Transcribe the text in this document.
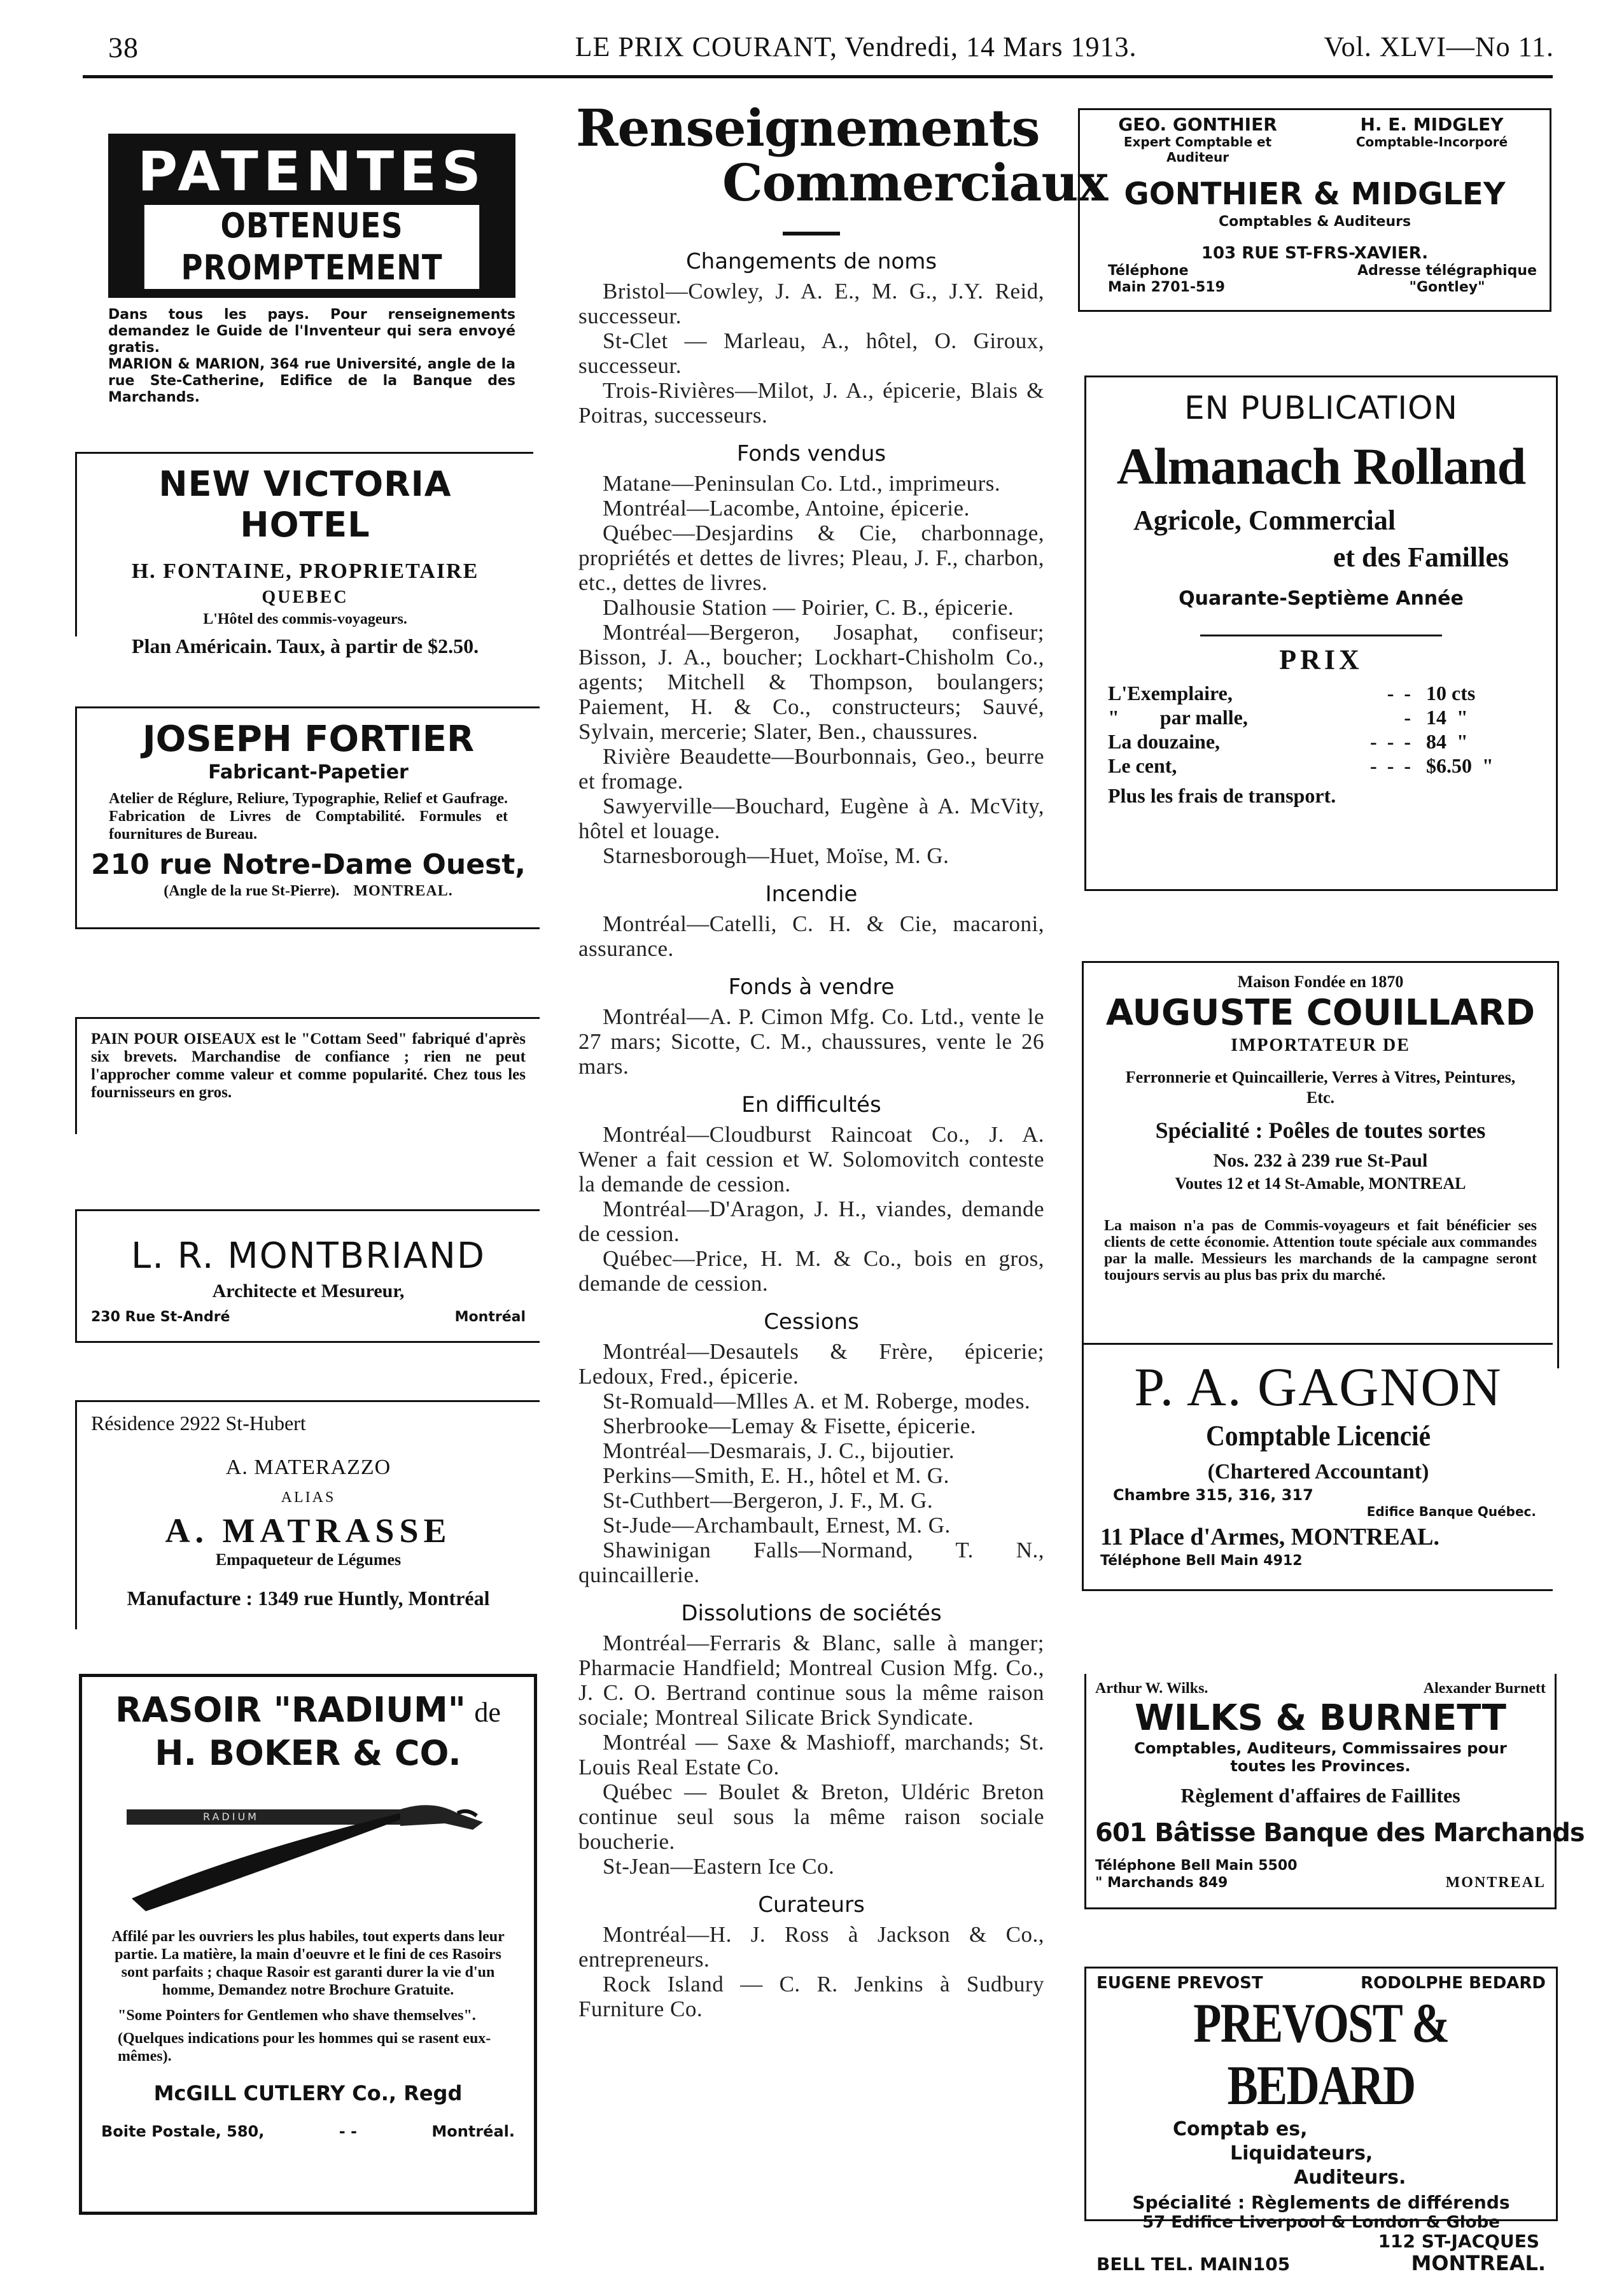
38	LE PRIX COURANT, Vendredi, 14 Mars 1913.	Vol. XLVI—No 11.
PATENTES
OBTENUES PROMPTEMENT
Dans tous les pays. Pour renseignements demandez le Guide de l'Inventeur qui sera envoyé gratis.
MARION & MARION, 364 rue Université, angle de la rue Ste-Catherine, Edifice de la Banque des Marchands.
NEW VICTORIA HOTEL
H. FONTAINE, PROPRIETAIRE
QUEBEC
L'Hôtel des commis-voyageurs.
Plan Américain. Taux, à partir de $2.50.
JOSEPH FORTIER
Fabricant-Papetier
Atelier de Réglure, Reliure, Typographie, Relief et Gaufrage. Fabrication de Livres de Comptabilité. Formules et fournitures de Bureau.
210 rue Notre-Dame Ouest,
(Angle de la rue St-Pierre). MONTREAL.
PAIN POUR OISEAUX est le "Cottam Seed" fabriqué d'après six brevets. Marchandise de confiance ; rien ne peut l'approcher comme valeur et comme popularité. Chez tous les fournisseurs en gros.
L. R. MONTBRIAND
Architecte et Mesureur,
230 Rue St-André	Montréal
Résidence 2922 St-Hubert
A. MATERAZZO
ALIAS
A. MATRASSE
Empaqueteur de Légumes
Manufacture : 1349 rue Huntly, Montréal
RASOIR "RADIUM" de
H. BOKER & CO.
RADIUM
Affilé par les ouvriers les plus habiles, tout experts dans leur partie. La matière, la main d'oeuvre et le fini de ces Rasoirs sont parfaits ; chaque Rasoir est garanti durer la vie d'un homme, Demandez notre Brochure Gratuite.
"Some Pointers for Gentlemen who shave themselves".
(Quelques indications pour les hommes qui se rasent eux-mêmes).
McGILL CUTLERY Co., Regd
Boite Postale, 580,	- -	Montréal.
Renseignements
Commerciaux
Changements de noms
Bristol—Cowley, J. A. E., M. G., J.Y. Reid, successeur.
St-Clet — Marleau, A., hôtel, O. Giroux, successeur.
Trois-Rivières—Milot, J. A., épicerie, Blais & Poitras, successeurs.
Fonds vendus
Matane—Peninsulan Co. Ltd., imprimeurs.
Montréal—Lacombe, Antoine, épicerie.
Québec—Desjardins & Cie, charbonnage, propriétés et dettes de livres; Pleau, J. F., charbon, etc., dettes de livres.
Dalhousie Station — Poirier, C. B., épicerie.
Montréal—Bergeron, Josaphat, confiseur; Bisson, J. A., boucher; Lockhart-Chisholm Co., agents; Mitchell & Thompson, boulangers; Paiement, H. & Co., constructeurs; Sauvé, Sylvain, mercerie; Slater, Ben., chaussures.
Rivière Beaudette—Bourbonnais, Geo., beurre et fromage.
Sawyerville—Bouchard, Eugène à A. McVity, hôtel et louage.
Starnesborough—Huet, Moïse, M. G.
Incendie
Montréal—Catelli, C. H. & Cie, macaroni, assurance.
Fonds à vendre
Montréal—A. P. Cimon Mfg. Co. Ltd., vente le 27 mars; Sicotte, C. M., chaussures, vente le 26 mars.
En difficultés
Montréal—Cloudburst Raincoat Co., J. A. Wener a fait cession et W. Solomovitch conteste la demande de cession.
Montréal—D'Aragon, J. H., viandes, demande de cession.
Québec—Price, H. M. & Co., bois en gros, demande de cession.
Cessions
Montréal—Desautels & Frère, épicerie; Ledoux, Fred., épicerie.
St-Romuald—Mlles A. et M. Roberge, modes.
Sherbrooke—Lemay & Fisette, épicerie.
Montréal—Desmarais, J. C., bijoutier.
Perkins—Smith, E. H., hôtel et M. G.
St-Cuthbert—Bergeron, J. F., M. G.
St-Jude—Archambault, Ernest, M. G.
Shawinigan Falls—Normand, T. N., quincaillerie.
Dissolutions de sociétés
Montréal—Ferraris & Blanc, salle à manger; Pharmacie Handfield; Montreal Cusion Mfg. Co., J. C. O. Bertrand continue sous la même raison sociale; Montreal Silicate Brick Syndicate.
Montréal — Saxe & Mashioff, marchands; St. Louis Real Estate Co.
Québec — Boulet & Breton, Uldéric Breton continue seul sous la même raison sociale boucherie.
St-Jean—Eastern Ice Co.
Curateurs
Montréal—H. J. Ross à Jackson & Co., entrepreneurs.
Rock Island — C. R. Jenkins à Sudbury Furniture Co.
GEO. GONTHIER
Expert Comptable et Auditeur
H. E. MIDGLEY
Comptable-Incorporé
GONTHIER & MIDGLEY
Comptables & Auditeurs
103 RUE ST-FRS-XAVIER.
Téléphone
Main 2701-519
Adresse télégraphique
"Gontley"
EN PUBLICATION
Almanach Rolland
Agricole, Commercial
et des Familles
Quarante-Septième Année
PRIX
L'Exemplaire,	-  - 10 cts
"        par malle,	- 14  "
La douzaine,	-  -  - 84  "
Le cent,	-  -  - $6.50  "
Plus les frais de transport.
Maison Fondée en 1870
AUGUSTE COUILLARD
IMPORTATEUR DE
Ferronnerie et Quincaillerie, Verres à Vitres, Peintures, Etc.
Spécialité : Poêles de toutes sortes
Nos. 232 à 239 rue St-Paul
Voutes 12 et 14 St-Amable, MONTREAL
La maison n'a pas de Commis-voyageurs et fait bénéficier ses clients de cette économie. Attention toute spéciale aux commandes par la malle. Messieurs les marchands de la campagne seront toujours servis au plus bas prix du marché.
P. A. GAGNON
Comptable Licencié
(Chartered Accountant)
Chambre 315, 316, 317
Edifice Banque Québec.
11 Place d'Armes, MONTREAL.
Téléphone Bell Main 4912
Arthur W. Wilks.	Alexander Burnett
WILKS & BURNETT
Comptables, Auditeurs, Commissaires pour toutes les Provinces.
Règlement d'affaires de Faillites
601 Bâtisse Banque des Marchands
Téléphone Bell Main 5500
" Marchands 849	MONTREAL
EUGENE PREVOST	RODOLPHE BEDARD
PREVOST & BEDARD
Comptab es,
Liquidateurs,
Auditeurs.
Spécialité : Règlements de différends
57 Edifice Liverpool & London & Globe
112 ST-JACQUES
BELL TEL. MAIN105	MONTREAL.
